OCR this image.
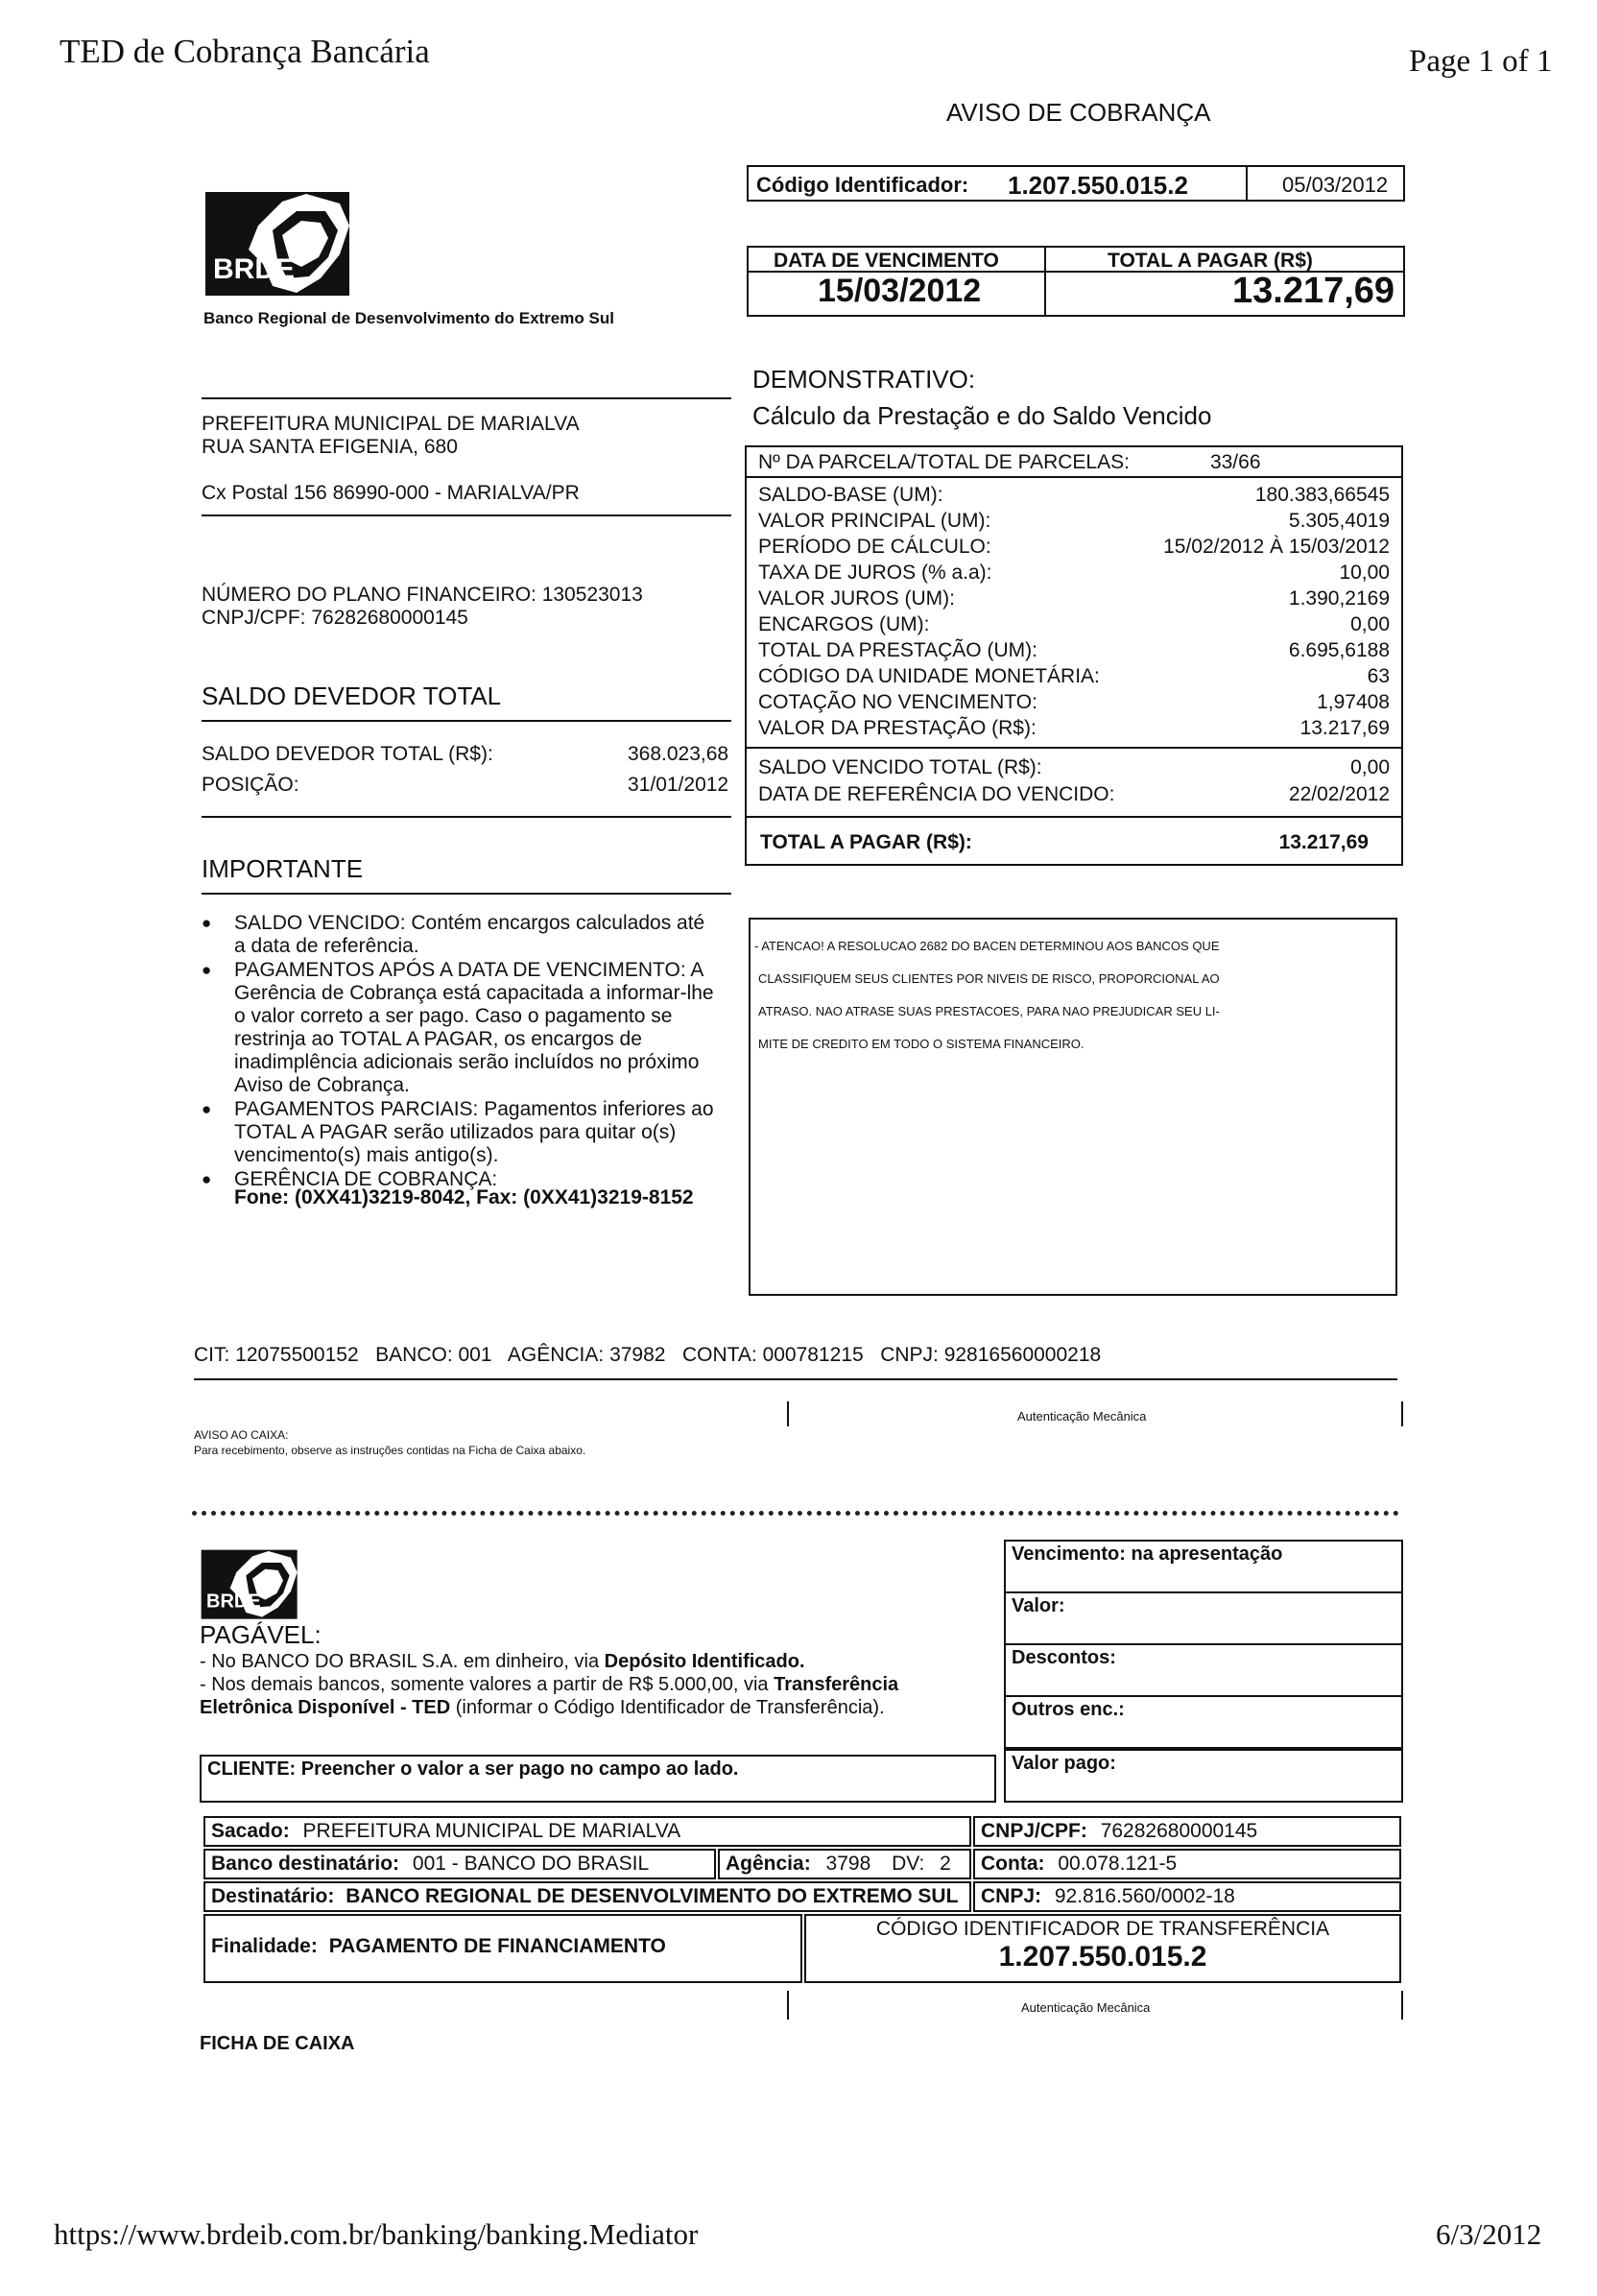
TED de Cobrança Bancária	Page 1 of 1
AVISO DE COBRANÇA
BRDE
Banco Regional de Desenvolvimento do Extremo Sul
Código Identificador: 1.207.550.015.2	05/03/2012
DATA DE VENCIMENTO
15/03/2012
TOTAL A PAGAR (R$)
13.217,69
PREFEITURA MUNICIPAL DE MARIALVA
RUA SANTA EFIGENIA, 680
Cx Postal 156 86990-000 - MARIALVA/PR
NÚMERO DO PLANO FINANCEIRO: 130523013
CNPJ/CPF: 76282680000145
SALDO DEVEDOR TOTAL
SALDO DEVEDOR TOTAL (R$):	368.023,68
POSIÇÃO:	31/01/2012
IMPORTANTE
● SALDO VENCIDO: Contém encargos calculados até a data de referência.
● PAGAMENTOS APÓS A DATA DE VENCIMENTO: A Gerência de Cobrança está capacitada a informar-lhe o valor correto a ser pago. Caso o pagamento se restrinja ao TOTAL A PAGAR, os encargos de inadimplência adicionais serão incluídos no próximo Aviso de Cobrança.
● PAGAMENTOS PARCIAIS: Pagamentos inferiores ao TOTAL A PAGAR serão utilizados para quitar o(s) vencimento(s) mais antigo(s).
● GERÊNCIA DE COBRANÇA:
Fone: (0XX41)3219-8042, Fax: (0XX41)3219-8152
DEMONSTRATIVO:
Cálculo da Prestação e do Saldo Vencido
Nº DA PARCELA/TOTAL DE PARCELAS:	33/66
SALDO-BASE (UM):	180.383,66545
VALOR PRINCIPAL (UM):	5.305,4019
PERÍODO DE CÁLCULO:	15/02/2012 À 15/03/2012
TAXA DE JUROS (% a.a):	10,00
VALOR JUROS (UM):	1.390,2169
ENCARGOS (UM):	0,00
TOTAL DA PRESTAÇÃO (UM):	6.695,6188
CÓDIGO DA UNIDADE MONETÁRIA:	63
COTAÇÃO NO VENCIMENTO:	1,97408
VALOR DA PRESTAÇÃO (R$):	13.217,69
SALDO VENCIDO TOTAL (R$):	0,00
DATA DE REFERÊNCIA DO VENCIDO:	22/02/2012
TOTAL A PAGAR (R$):	13.217,69
- ATENCAO! A RESOLUCAO 2682 DO BACEN DETERMINOU AOS BANCOS QUE
CLASSIFIQUEM SEUS CLIENTES POR NIVEIS DE RISCO, PROPORCIONAL AO
ATRASO. NAO ATRASE SUAS PRESTACOES, PARA NAO PREJUDICAR SEU LI-
MITE DE CREDITO EM TODO O SISTEMA FINANCEIRO.
CIT: 12075500152   BANCO: 001   AGÊNCIA: 37982   CONTA: 000781215   CNPJ: 92816560000218
AVISO AO CAIXA:
Para recebimento, observe as instruções contidas na Ficha de Caixa abaixo.
Autenticação Mecânica
BRDE
PAGÁVEL:
- No BANCO DO BRASIL S.A. em dinheiro, via Depósito Identificado.
- Nos demais bancos, somente valores a partir de R$ 5.000,00, via Transferência
Eletrônica Disponível - TED (informar o Código Identificador de Transferência).
CLIENTE: Preencher o valor a ser pago no campo ao lado.
Vencimento: na apresentação
Valor:
Descontos:
Outros enc.:
Valor pago:
Sacado: PREFEITURA MUNICIPAL DE MARIALVA	CNPJ/CPF: 76282680000145
Banco destinatário: 001 - BANCO DO BRASIL	Agência: 3798 DV: 2	Conta: 00.078.121-5
Destinatário: BANCO REGIONAL DE DESENVOLVIMENTO DO EXTREMO SUL	CNPJ: 92.816.560/0002-18
Finalidade: PAGAMENTO DE FINANCIAMENTO
CÓDIGO IDENTIFICADOR DE TRANSFERÊNCIA
1.207.550.015.2
Autenticação Mecânica
FICHA DE CAIXA
https://www.brdeib.com.br/banking/banking.Mediator	6/3/2012
